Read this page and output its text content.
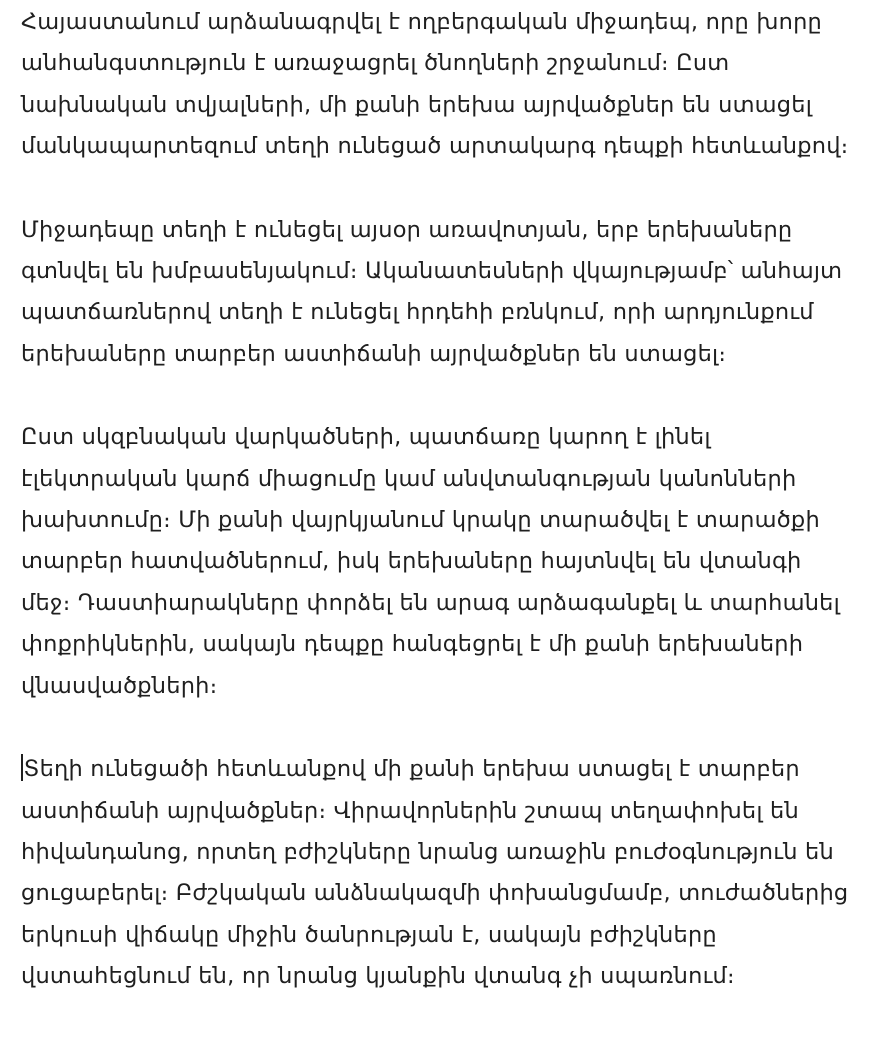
Հայաստանում արձանագրվել է ողբերգական միջադեպ, որը խորը
անհանգստություն է առաջացրել ծնողների շրջանում։ Ըստ
նախնական տվյալների, մի քանի երեխա այրվածքներ են ստացել
մանկապարտեզում տեղի ունեցած արտակարգ դեպքի հետևանքով։
Միջադեպը տեղի է ունեցել այսօր առավոտյան, երբ երեխաները
գտնվել են խմբասենյակում։ Ականատեսների վկայությամբ՝ անհայտ
պատճառներով տեղի է ունեցել հրդեհի բռնկում, որի արդյունքում
երեխաները տարբեր աստիճանի այրվածքներ են ստացել։
Ըստ սկզբնական վարկածների, պատճառը կարող է լինել
էլեկտրական կարճ միացումը կամ անվտանգության կանոնների
խախտումը։ Մի քանի վայրկյանում կրակը տարածվել է տարածքի
տարբեր հատվածներում, իսկ երեխաները հայտնվել են վտանգի
մեջ։ Դաստիարակները փորձել են արագ արձագանքել և տարհանել
փոքրիկներին, սակայն դեպքը հանգեցրել է մի քանի երեխաների
վնասվածքների։
Տեղի ունեցածի հետևանքով մի քանի երեխա ստացել է տարբեր
աստիճանի այրվածքներ։ Վիրավորներին շտապ տեղափոխել են
հիվանդանոց, որտեղ բժիշկները նրանց առաջին բուժօգնություն են
ցուցաբերել։ Բժշկական անձնակազմի փոխանցմամբ, տուժածներից
երկուսի վիճակը միջին ծանրության է, սակայն բժիշկները
վստահեցնում են, որ նրանց կյանքին վտանգ չի սպառնում։
